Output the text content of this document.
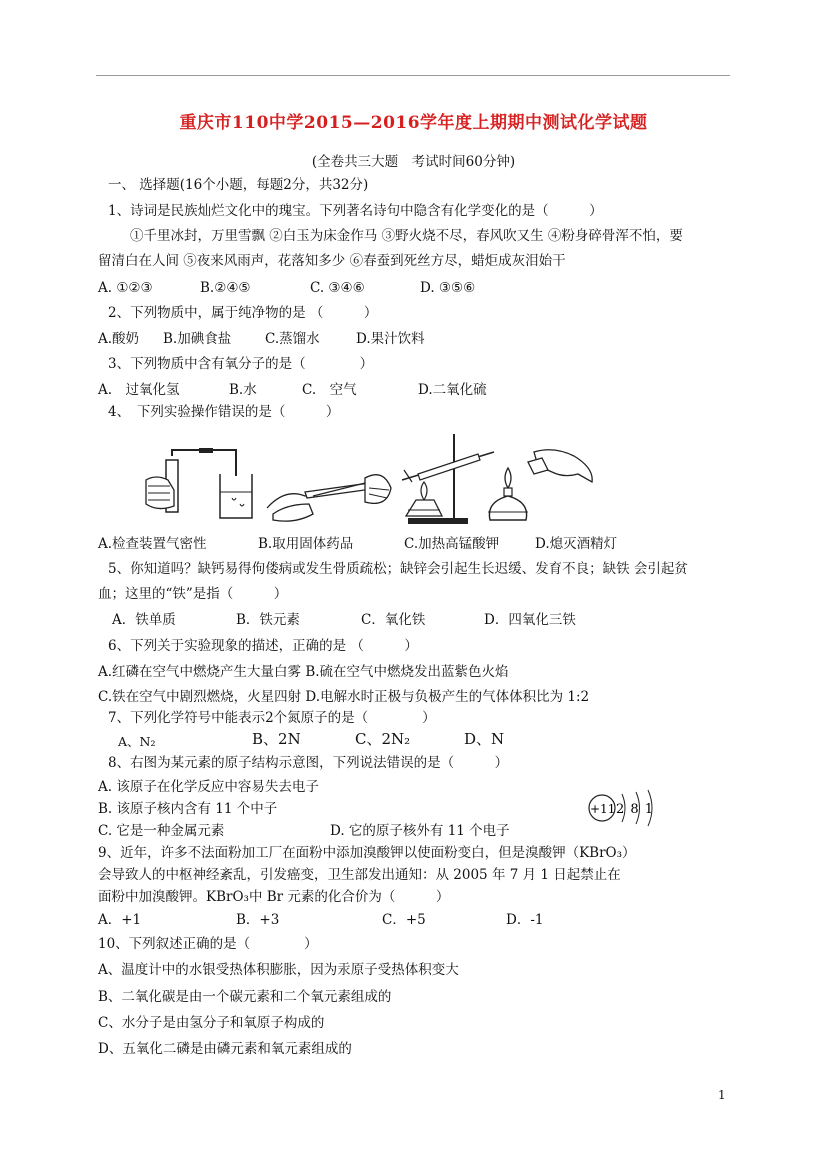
重庆市110中学2015—2016学年度上期期中测试化学试题
(全卷共三大题　考试时间60分钟)
一、 选择题(16个小题，每题2分，共32分)
1、诗词是民族灿烂文化中的瑰宝。下列著名诗句中隐含有化学变化的是（　　　）
①千里冰封，万里雪飘 ②白玉为床金作马 ③野火烧不尽，春风吹又生 ④粉身碎骨浑不怕，要
留清白在人间 ⑤夜来风雨声，花落知多少 ⑥春蚕到死丝方尽，蜡炬成灰泪始干
A. ①②③	B.②④⑤	C. ③④⑥	D. ③⑤⑥
2、下列物质中，属于纯净物的是 （　　　）
A.酸奶 B.加碘食盐	C.蒸馏水	D.果汁饮料
3、下列物质中含有氧分子的是（　　　　）
A.　过氧化氢	B.水	C.　空气	D.二氧化硫
4、　下列实验操作错误的是（　　　）
A.检查装置气密性	B.取用固体药品	C.加热高锰酸钾	D.熄灭酒精灯
5、你知道吗？缺钙易得佝偻病或发生骨质疏松；缺锌会引起生长迟缓、发育不良；缺铁 会引起贫
血；这里的“铁”是指（　　　）
A．铁单质	B．铁元素	C．氧化铁	D．四氧化三铁
6、下列关于实验现象的描述，正确的是 （　　　）
A.红磷在空气中燃烧产生大量白雾 B.硫在空气中燃烧发出蓝紫色火焰
C.铁在空气中剧烈燃烧，火星四射 D.电解水时正极与负极产生的气体体积比为 1:2
7、下列化学符号中能表示2个氮原子的是（　　　　）
A、N₂	B、2N	C、2N₂	D、N
8、右图为某元素的原子结构示意图，下列说法错误的是（　　　）
A. 该原子在化学反应中容易失去电子
B. 该原子核内含有 11 个中子
C. 它是一种金属元素	D. 它的原子核外有 11 个电子
+11 2 8 1
9、近年，许多不法面粉加工厂在面粉中添加溴酸钾以使面粉变白，但是溴酸钾（KBrO₃）
会导致人的中枢神经紊乱，引发癌变，卫生部发出通知：从 2005 年 7 月 1 日起禁止在
面粉中加溴酸钾。KBrO₃中 Br 元素的化合价为（　　　）
A．+1	B．+3	C．+5	D．-1
10、下列叙述正确的是（　　　　）
A、温度计中的水银受热体积膨胀，因为汞原子受热体积变大
B、二氧化碳是由一个碳元素和二个氧元素组成的
C、水分子是由氢分子和氧原子构成的
D、五氧化二磷是由磷元素和氧元素组成的
1
